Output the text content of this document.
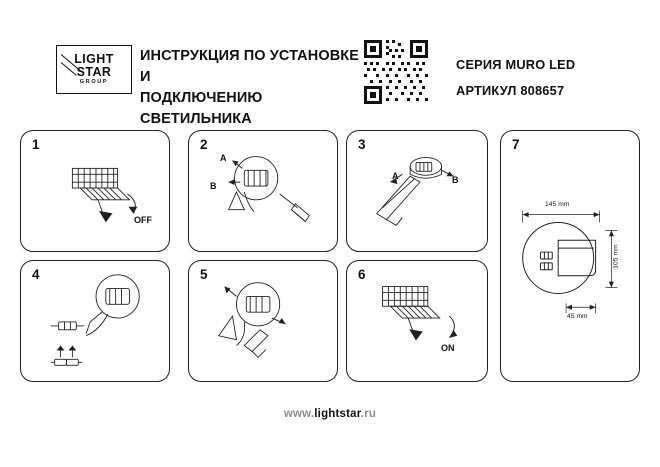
LIGHT
STAR
GROUP
ИНСТРУКЦИЯ ПО УСТАНОВКЕ И
ПОДКЛЮЧЕНИЮ СВЕТИЛЬНИКА
СЕРИЯ MURO LED
АРТИКУЛ 808657
1
OFF
2
A
B
3
A	B
4	5	6
ON
7
145 mm
105 mm
45 mm
www.lightstar.ru
